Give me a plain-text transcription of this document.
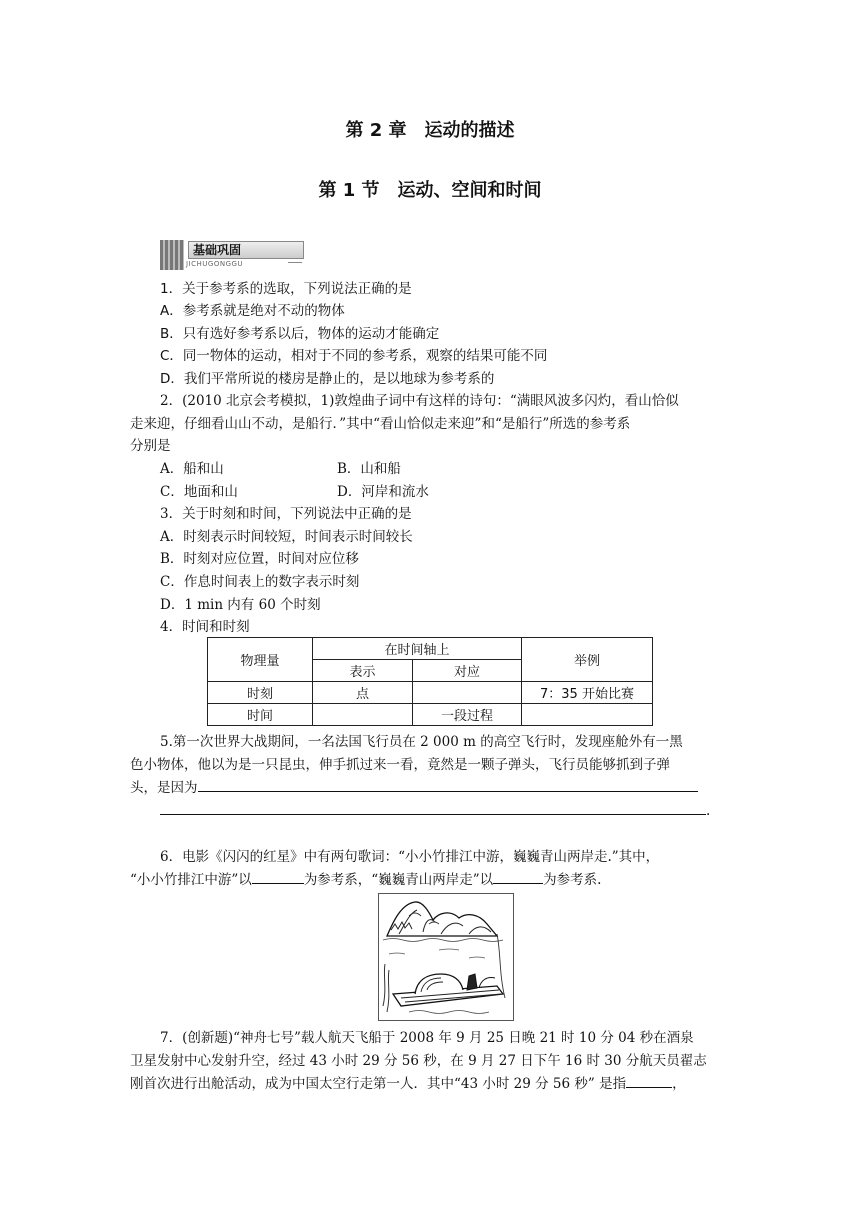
第 2 章　运动的描述
第 1 节　运动、空间和时间
基础巩固
JICHUGONGGU
1．关于参考系的选取，下列说法正确的是
A．参考系就是绝对不动的物体
B．只有选好参考系以后，物体的运动才能确定
C．同一物体的运动，相对于不同的参考系，观察的结果可能不同
D．我们平常所说的楼房是静止的，是以地球为参考系的
2．(2010 北京会考模拟，1)敦煌曲子词中有这样的诗句：“满眼风波多闪灼，看山恰似
走来迎，仔细看山山不动，是船行．”其中“看山恰似走来迎”和“是船行”所选的参考系
分别是
A．船和山	B．山和船
C．地面和山	D．河岸和流水
3．关于时刻和时间，下列说法中正确的是
A．时刻表示时间较短，时间表示时间较长
B．时刻对应位置，时间对应位移
C．作息时间表上的数字表示时刻
D．1 min 内有 60 个时刻
4．时间和时刻
物理量	在时间轴上		举例
	表示	对应	
时刻	点		7：35 开始比赛
时间		一段过程	
5.第一次世界大战期间，一名法国飞行员在 2 000 m 的高空飞行时，发现座舱外有一黑
色小物体，他以为是一只昆虫，伸手抓过来一看，竟然是一颗子弹头，飞行员能够抓到子弹
头，是因为
.
6．电影《闪闪的红星》中有两句歌词：“小小竹排江中游，巍巍青山两岸走.”其中，
“小小竹排江中游”以	为参考系，“巍巍青山两岸走”以	为参考系.
7．(创新题)“神舟七号”载人航天飞船于 2008 年 9 月 25 日晚 21 时 10 分 04 秒在酒泉
卫星发射中心发射升空，经过 43 小时 29 分 56 秒，在 9 月 27 日下午 16 时 30 分航天员翟志
刚首次进行出舱活动，成为中国太空行走第一人．其中“43 小时 29 分 56 秒” 是指	，
